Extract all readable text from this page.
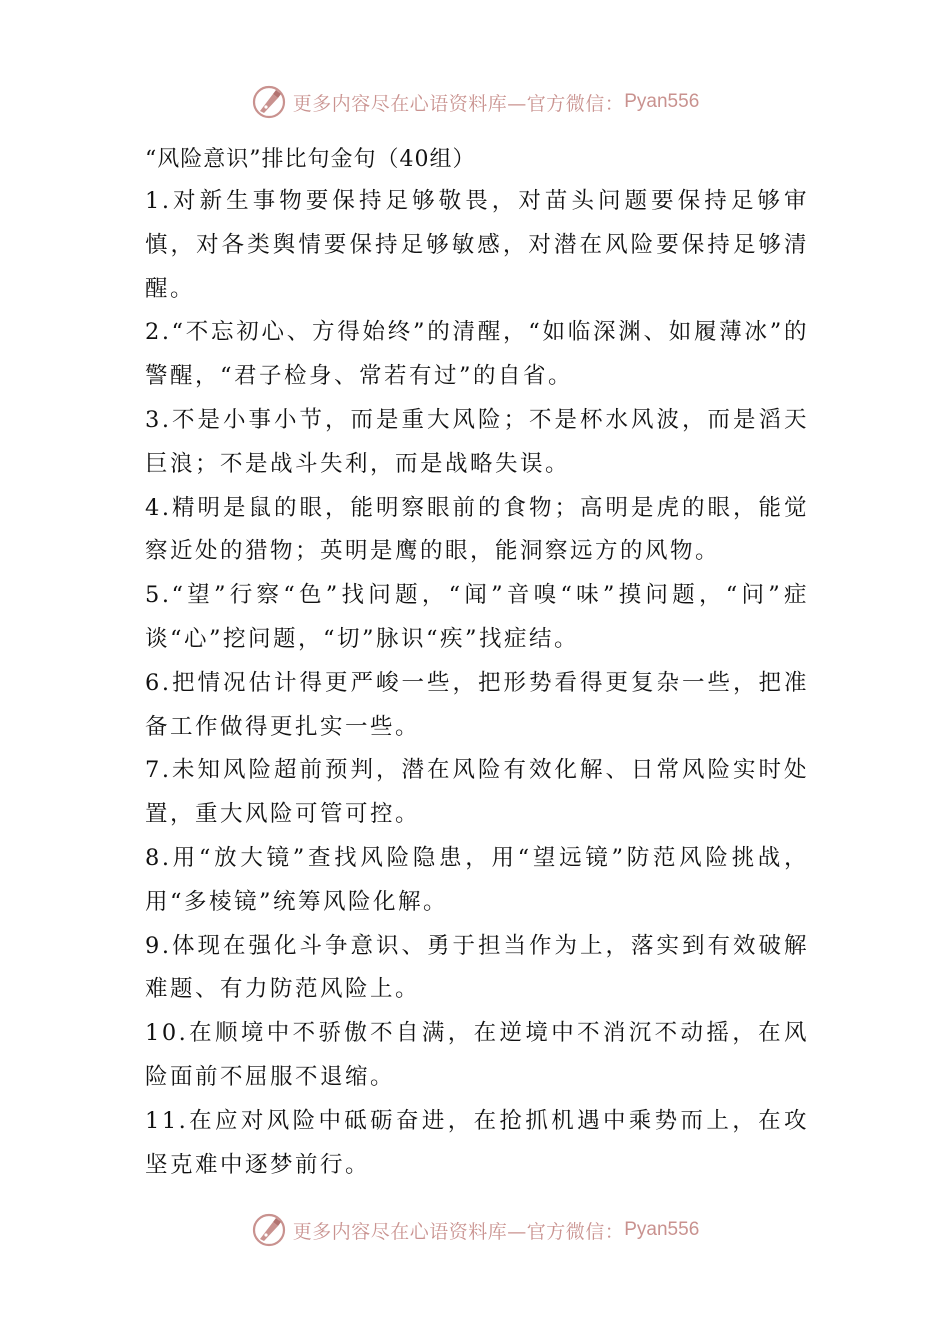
更多内容尽在心语资料库—官方微信： Pyan556

“风险意识”排比句金句（40组）

1.对新生事物要保持足够敬畏，对苗头问题要保持足够审慎，对各类舆情要保持足够敏感，对潜在风险要保持足够清醒。

2.“不忘初心、方得始终”的清醒，“如临深渊、如履薄冰”的警醒，“君子检身、常若有过”的自省。

3.不是小事小节，而是重大风险；不是杯水风波，而是滔天巨浪；不是战斗失利，而是战略失误。

4.精明是鼠的眼，能明察眼前的食物；高明是虎的眼，能觉察近处的猎物；英明是鹰的眼，能洞察远方的风物。

5.“望”行察“色”找问题，“闻”音嗅“味”摸问题，“问”症谈“心”挖问题，“切”脉识“疾”找症结。

6.把情况估计得更严峻一些，把形势看得更复杂一些，把准备工作做得更扎实一些。

7.未知风险超前预判，潜在风险有效化解、日常风险实时处置，重大风险可管可控。

8.用“放大镜”查找风险隐患，用“望远镜”防范风险挑战，用“多棱镜”统筹风险化解。

9.体现在强化斗争意识、勇于担当作为上，落实到有效破解难题、有力防范风险上。

10.在顺境中不骄傲不自满，在逆境中不消沉不动摇，在风险面前不屈服不退缩。

11.在应对风险中砥砺奋进，在抢抓机遇中乘势而上，在攻坚克难中逐梦前行。

更多内容尽在心语资料库—官方微信： Pyan556
